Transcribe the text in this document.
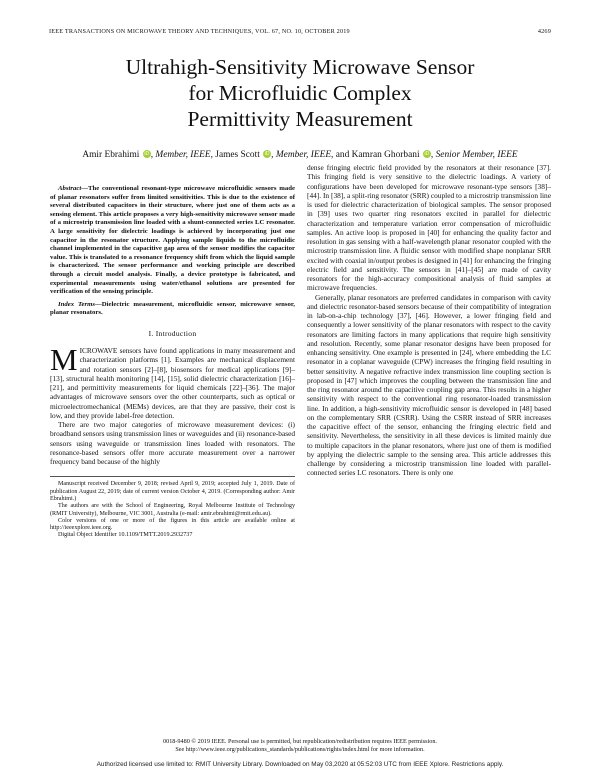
IEEE TRANSACTIONS ON MICROWAVE THEORY AND TECHNIQUES, VOL. 67, NO. 10, OCTOBER 2019	4269
Ultrahigh-Sensitivity Microwave Sensor
for Microfluidic Complex
Permittivity Measurement
Amir Ebrahimi iD , Member, IEEE, James Scott iD , Member, IEEE, and Kamran Ghorbani iD , Senior Member, IEEE

Abstract—The conventional resonant-type microwave microfluidic sensors made of planar resonators suffer from limited sensitivities. This is due to the existence of several distributed capacitors in their structure, where just one of them acts as a sensing element. This article proposes a very high-sensitivity microwave sensor made of a microstrip transmission line loaded with a shunt-connected series LC resonator. A large sensitivity for dielectric loadings is achieved by incorporating just one capacitor in the resonator structure. Applying sample liquids to the microfluidic channel implemented in the capacitive gap area of the sensor modifies the capacitor value. This is translated to a resonance frequency shift from which the liquid sample is characterized. The sensor performance and working principle are described through a circuit model analysis. Finally, a device prototype is fabricated, and experimental measurements using water/ethanol solutions are presented for verification of the sensing principle.

Index Terms—Dielectric measurement, microfluidic sensor, microwave sensor, planar resonators.

I. Introduction

MICROWAVE sensors have found applications in many measurement and characterization platforms [1]. Examples are mechanical displacement and rotation sensors [2]–[8], biosensors for medical applications [9]–[13], structural health monitoring [14], [15], solid dielectric characterization [16]–[21], and permittivity measurements for liquid chemicals [22]–[36]. The major advantages of microwave sensors over the other counterparts, such as optical or microelectromechanical (MEMs) devices, are that they are passive, their cost is low, and they provide label-free detection.

There are two major categories of microwave measurement devices: (i) broadband sensors using transmission lines or waveguides and (ii) resonance-based sensors using waveguide or transmission lines loaded with resonators. The resonance-based sensors offer more accurate measurement over a narrower frequency band because of the highly

Manuscript received December 9, 2018; revised April 9, 2019; accepted July 1, 2019. Date of publication August 22, 2019; date of current version October 4, 2019. (Corresponding author: Amir Ebrahimi.)

The authors are with the School of Engineering, Royal Melbourne Institute of Technology (RMIT University), Melbourne, VIC 3001, Australia (e-mail: amir.ebrahimi@rmit.edu.au).

Color versions of one or more of the figures in this article are available online at http://ieeexplore.ieee.org.

Digital Object Identifier 10.1109/TMTT.2019.2932737

dense fringing electric field provided by the resonators at their resonance [37]. This fringing field is very sensitive to the dielectric loadings. A variety of configurations have been developed for microwave resonant-type sensors [38]–[44]. In [38], a split-ring resonator (SRR) coupled to a microstrip transmission line is used for dielectric characterization of biological samples. The sensor proposed in [39] uses two quarter ring resonators excited in parallel for dielectric characterization and temperature variation error compensation of microfluidic samples. An active loop is proposed in [40] for enhancing the quality factor and resolution in gas sensing with a half-wavelength planar resonator coupled with the microstrip transmission line. A fluidic sensor with modified shape nonplanar SRR excited with coaxial in/output probes is designed in [41] for enhancing the fringing electric field and sensitivity. The sensors in [41]–[45] are made of cavity resonators for the high-accuracy compositional analysis of fluid samples at microwave frequencies.

Generally, planar resonators are preferred candidates in comparison with cavity and dielectric resonator-based sensors because of their compatibility of integration in lab-on-a-chip technology [37], [46]. However, a lower fringing field and consequently a lower sensitivity of the planar resonators with respect to the cavity resonators are limiting factors in many applications that require high sensitivity and resolution. Recently, some planar resonator designs have been proposed for enhancing sensitivity. One example is presented in [24], where embedding the LC resonator in a coplanar waveguide (CPW) increases the fringing field resulting in better sensitivity. A negative refractive index transmission line coupling section is proposed in [47] which improves the coupling between the transmission line and the ring resonator around the capacitive coupling gap area. This results in a higher sensitivity with respect to the conventional ring resonator-loaded transmission line. In addition, a high-sensitivity microfluidic sensor is developed in [48] based on the complementary SRR (CSRR). Using the CSRR instead of SRR increases the capacitive effect of the sensor, enhancing the fringing electric field and sensitivity. Nevertheless, the sensitivity in all these devices is limited mainly due to multiple capacitors in the planar resonators, where just one of them is modified by applying the dielectric sample to the sensing area. This article addresses this challenge by considering a microstrip transmission line loaded with parallel-connected series LC resonators. There is only one

0018-9480 © 2019 IEEE. Personal use is permitted, but republication/redistribution requires IEEE permission.
See http://www.ieee.org/publications_standards/publications/rights/index.html for more information.
Authorized licensed use limited to: RMIT University Library. Downloaded on May 03,2020 at 05:52:03 UTC from IEEE Xplore. Restrictions apply.
